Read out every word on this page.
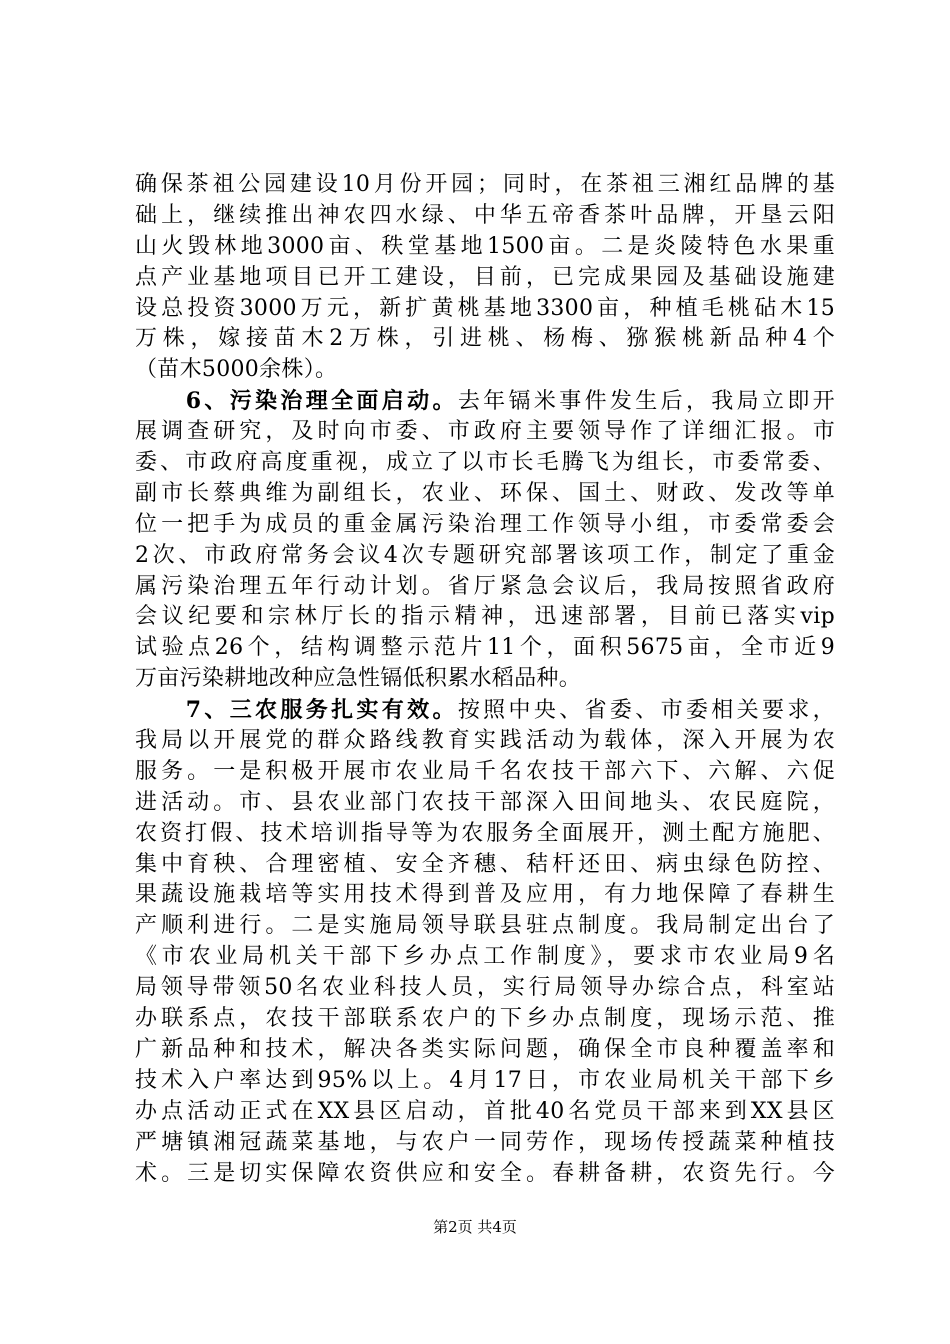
确保茶祖公园建设10月份开园；同时，在茶祖三湘红品牌的基
础上，继续推出神农四水绿、中华五帝香茶叶品牌，开垦云阳
山火毁林地3000亩、秩堂基地1500亩。二是炎陵特色水果重
点产业基地项目已开工建设，目前，已完成果园及基础设施建
设总投资3000万元，新扩黄桃基地3300亩，种植毛桃砧木15
万株，嫁接苗木2万株，引进桃、杨梅、猕猴桃新品种4个
（苗木5000余株）。
　　6、污染治理全面启动。去年镉米事件发生后，我局立即开
展调查研究，及时向市委、市政府主要领导作了详细汇报。市
委、市政府高度重视，成立了以市长毛腾飞为组长，市委常委、
副市长蔡典维为副组长，农业、环保、国土、财政、发改等单
位一把手为成员的重金属污染治理工作领导小组，市委常委会
2次、市政府常务会议4次专题研究部署该项工作，制定了重金
属污染治理五年行动计划。省厅紧急会议后，我局按照省政府
会议纪要和宗林厅长的指示精神，迅速部署，目前已落实vip
试验点26个，结构调整示范片11个，面积5675亩，全市近9
万亩污染耕地改种应急性镉低积累水稻品种。
　　7、三农服务扎实有效。按照中央、省委、市委相关要求，
我局以开展党的群众路线教育实践活动为载体，深入开展为农
服务。一是积极开展市农业局千名农技干部六下、六解、六促
进活动。市、县农业部门农技干部深入田间地头、农民庭院，
农资打假、技术培训指导等为农服务全面展开，测土配方施肥、
集中育秧、合理密植、安全齐穗、秸杆还田、病虫绿色防控、
果蔬设施栽培等实用技术得到普及应用，有力地保障了春耕生
产顺利进行。二是实施局领导联县驻点制度。我局制定出台了
《市农业局机关干部下乡办点工作制度》，要求市农业局9名
局领导带领50名农业科技人员，实行局领导办综合点，科室站
办联系点，农技干部联系农户的下乡办点制度，现场示范、推
广新品种和技术，解决各类实际问题，确保全市良种覆盖率和
技术入户率达到95%以上。4月17日，市农业局机关干部下乡
办点活动正式在XX县区启动，首批40名党员干部来到XX县区
严塘镇湘冠蔬菜基地，与农户一同劳作，现场传授蔬菜种植技
术。三是切实保障农资供应和安全。春耕备耕，农资先行。今
第2页 共4页
